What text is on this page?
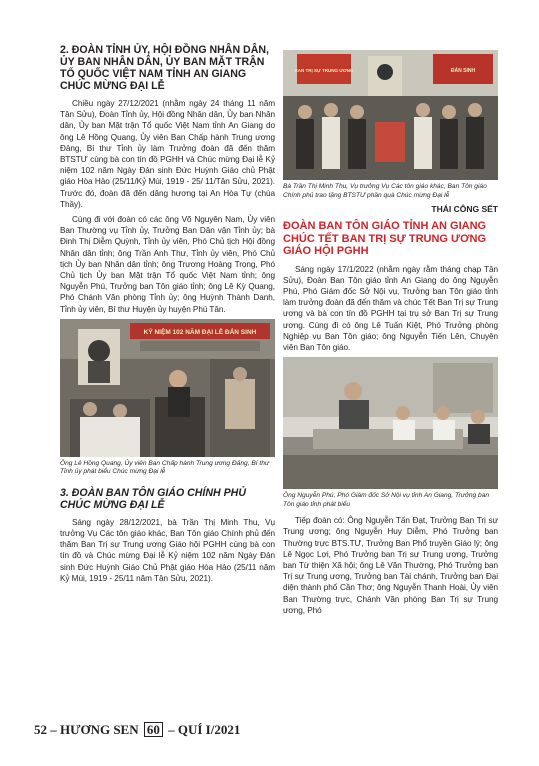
2. ĐOÀN TỈNH ỦY, HỘI ĐỒNG NHÂN DÂN, ỦY BAN NHÂN DÂN, ỦY BAN MẶT TRẬN TỔ QUỐC VIỆT NAM TỈNH AN GIANG CHÚC MỪNG ĐẠI LỄ

Chiều ngày 27/12/2021 (nhằm ngày 24 tháng 11 năm Tân Sửu), Đoàn Tỉnh ủy, Hội đồng Nhân dân, Ủy ban Nhân dân, Ủy ban Mặt trận Tổ quốc Việt Nam tỉnh An Giang do ông Lê Hồng Quang, Ủy viên Ban Chấp hành Trung ương Đảng, Bí thư Tỉnh ủy làm Trưởng đoàn đã đến thăm BTSTƯ cùng bà con tín đồ PGHH và Chúc mừng Đại lễ Kỷ niệm 102 năm Ngày Đản sinh Đức Huỳnh Giáo chủ Phật giáo Hòa Hảo (25/11/Kỷ Mùi, 1919 - 25/ 11/Tân Sửu, 2021). Trước đó, đoàn đã đến dâng hương tại An Hòa Tự (chùa Thầy).

Cùng đi với đoàn có các ông Võ Nguyên Nam, Ủy viên Ban Thường vụ Tỉnh ủy, Trưởng Ban Dân vận Tỉnh ủy; bà Đinh Thị Diễm Quỳnh, Tỉnh ủy viên, Phó Chủ tịch Hội đồng Nhân dân tỉnh; ông Trần Anh Thư, Tỉnh ủy viên, Phó Chủ tịch Ủy ban Nhân dân tỉnh; ông Trương Hoàng Trọng, Phó Chủ tịch Ủy ban Mặt trận Tổ quốc Việt Nam tỉnh; ông Nguyễn Phú, Trưởng ban Tôn giáo tỉnh; ông Lê Kỳ Quang, Phó Chánh Văn phòng Tỉnh ủy; ông Huỳnh Thành Danh, Tỉnh ủy viên, Bí thư Huyện ủy huyện Phú Tân.

KỶ NIỆM 102 NĂM ĐẠI LỄ ĐẢN SINH
Ông Lê Hồng Quang, Ủy viên Ban Chấp hành Trung ương Đảng, Bí thư Tỉnh ủy phát biểu Chúc mừng Đại lễ
3. ĐOÀN BAN TÔN GIÁO CHÍNH PHỦ CHÚC MỪNG ĐẠI LỄ

Sáng ngày 28/12/2021, bà Trần Thị Minh Thu, Vụ trưởng Vụ Các tôn giáo khác, Ban Tôn giáo Chính phủ đến thăm Ban Trị sự Trung ương Giáo hội PGHH cùng bà con tín đồ và Chúc mừng Đại lễ Kỷ niệm 102 năm Ngày Đản sinh Đức Huỳnh Giáo Chủ Phật giáo Hòa Hảo (25/11 năm Kỷ Mùi, 1919 - 25/11 năm Tân Sửu, 2021).

BAN TRỊ SỰ TRUNG ƯƠNG	ĐẢN SINH
Bà Trần Thị Minh Thu, Vụ trưởng Vụ Các tôn giáo khác, Ban Tôn giáo Chính phủ trao tặng BTSTƯ phần quà Chúc mừng Đại lễ
THÁI CÔNG SẾT
ĐOÀN BAN TÔN GIÁO TỈNH AN GIANG CHÚC TẾT BAN TRỊ SỰ TRUNG ƯƠNG GIÁO HỘI PGHH

Sáng ngày 17/1/2022 (nhằm ngày rằm tháng chạp Tân Sửu), Đoàn Ban Tôn giáo tỉnh An Giang do ông Nguyễn Phú, Phó Giám đốc Sở Nội vụ, Trưởng ban Tôn giáo tỉnh làm trưởng đoàn đã đến thăm và chúc Tết Ban Trị sự Trung ương và bà con tín đồ PGHH tại trụ sở Ban Trị sự Trung ương. Cùng đi có ông Lê Tuấn Kiệt, Phó Trưởng phòng Nghiệp vụ Ban Tôn giáo; ông Nguyễn Tiến Lên, Chuyên viên Ban Tôn giáo.

Ông Nguyễn Phú, Phó Giám đốc Sở Nội vụ tỉnh An Giang, Trưởng ban Tôn giáo tỉnh phát biểu

Tiếp đoàn có: Ông Nguyễn Tấn Đạt, Trưởng Ban Trị sự Trung ương; ông Nguyễn Huy Diễm, Phó Trưởng ban Thường trực BTS.TƯ, Trưởng Ban Phổ truyền Giáo lý; ông Lê Ngọc Lợi, Phó Trưởng ban Trị sự Trung ương, Trưởng ban Từ thiện Xã hội; ông Lê Văn Thường, Phó Trưởng ban Trị sự Trung ương, Trưởng ban Tài chánh, Trưởng ban Đại diện thành phố Cần Thơ; ông Nguyễn Thanh Hoài, Ủy viên Ban Thường trực, Chánh Văn phòng Ban Trị sự Trung ương, Phó

52 – HƯƠNG SEN 60 – QUÍ I/2021
